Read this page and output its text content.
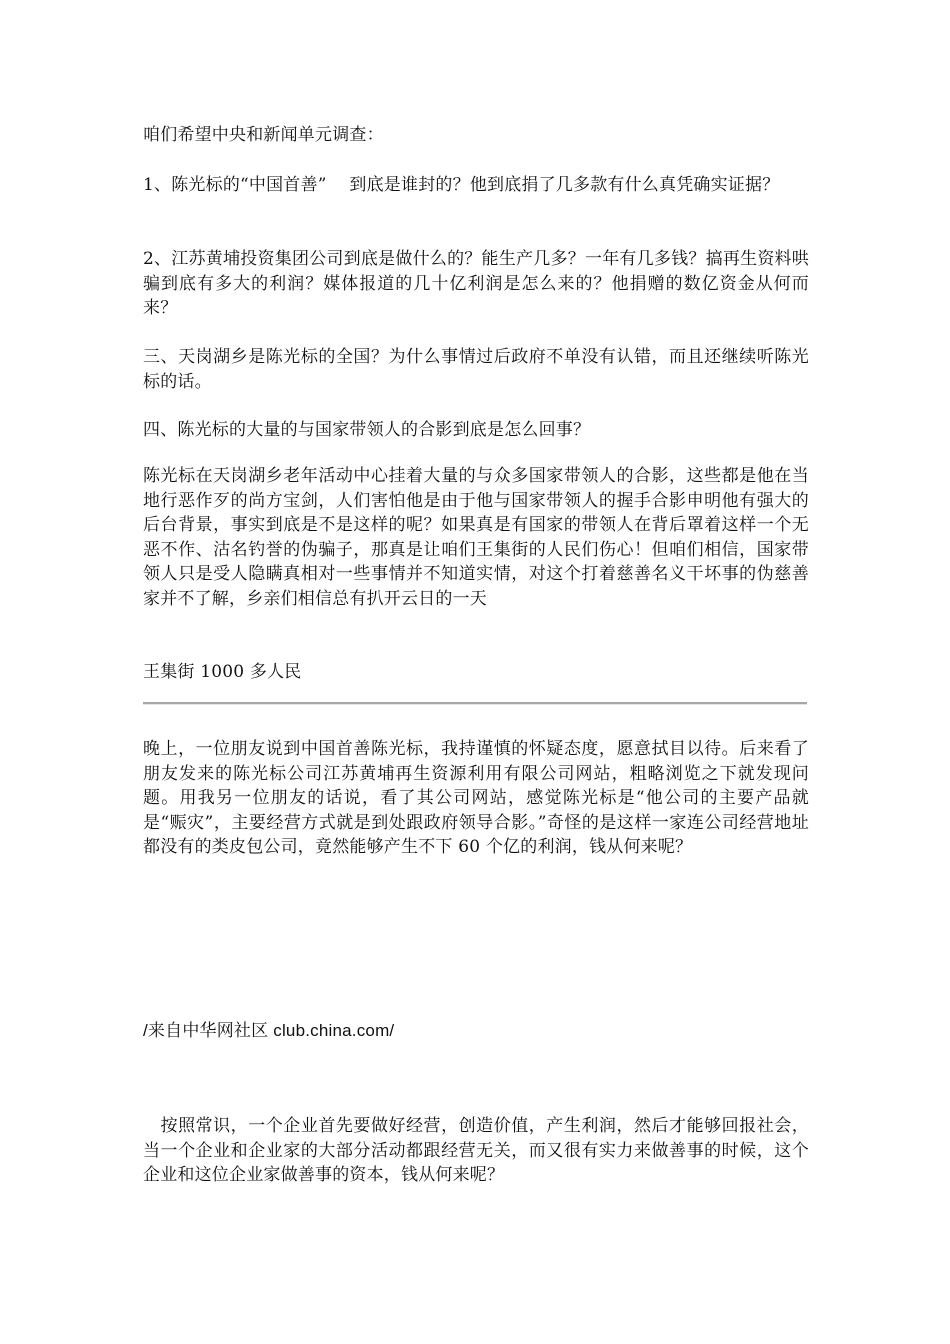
咱们希望中央和新闻单元调查：

1、陈光标的“中国首善”　 到底是谁封的？他到底捐了几多款有什么真凭确实证据？

2、江苏黄埔投资集团公司到底是做什么的？能生产几多？一年有几多钱？搞再生资料哄骗到底有多大的利润？媒体报道的几十亿利润是怎么来的？他捐赠的数亿资金从何而来？

三、天岗湖乡是陈光标的全国？为什么事情过后政府不单没有认错，而且还继续听陈光标的话。

四、陈光标的大量的与国家带领人的合影到底是怎么回事？

陈光标在天岗湖乡老年活动中心挂着大量的与众多国家带领人的合影，这些都是他在当地行恶作歹的尚方宝剑，人们害怕他是由于他与国家带领人的握手合影申明他有强大的后台背景，事实到底是不是这样的呢？如果真是有国家的带领人在背后罩着这样一个无恶不作、沽名钓誉的伪骗子，那真是让咱们王集街的人民们伤心！但咱们相信，国家带领人只是受人隐瞒真相对一些事情并不知道实情，对这个打着慈善名义干坏事的伪慈善家并不了解，乡亲们相信总有扒开云日的一天

王集街 1000 多人民

晚上，一位朋友说到中国首善陈光标，我持谨慎的怀疑态度，愿意拭目以待。后来看了朋友发来的陈光标公司江苏黄埔再生资源利用有限公司网站，粗略浏览之下就发现问题。用我另一位朋友的话说，看了其公司网站，感觉陈光标是“他公司的主要产品就是“赈灾”，主要经营方式就是到处跟政府领导合影。”奇怪的是这样一家连公司经营地址都没有的类皮包公司，竟然能够产生不下 60 个亿的利润，钱从何来呢？

/来自中华网社区 club.china.com/

　按照常识，一个企业首先要做好经营，创造价值，产生利润，然后才能够回报社会，当一个企业和企业家的大部分活动都跟经营无关，而又很有实力来做善事的时候，这个企业和这位企业家做善事的资本，钱从何来呢？
